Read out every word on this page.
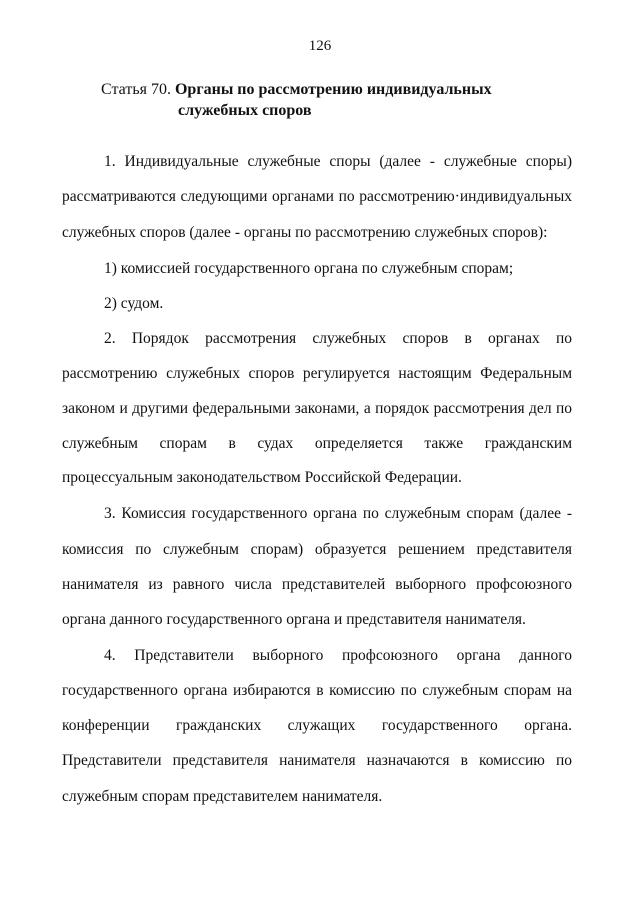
126
Статья 70. Органы по рассмотрению индивидуальных
служебных споров
1. Индивидуальные служебные споры (далее - служебные споры)
рассматриваются следующими органами по рассмотрению·индивидуальных
служебных споров (далее - органы по рассмотрению служебных споров):
1) комиссией государственного органа по служебным спорам;
2) судом.
2. Порядок рассмотрения служебных споров в органах по
рассмотрению служебных споров регулируется настоящим Федеральным
законом и другими федеральными законами, а порядок рассмотрения дел по
служебным спорам в судах определяется также гражданским
процессуальным законодательством Российской Федерации.
3. Комиссия государственного органа по служебным спорам (далее -
комиссия по служебным спорам) образуется решением представителя
нанимателя из равного числа представителей выборного профсоюзного
органа данного государственного органа и представителя нанимателя.
4. Представители выборного профсоюзного органа данного
государственного органа избираются в комиссию по служебным спорам на
конференции гражданских служащих государственного органа.
Представители представителя нанимателя назначаются в комиссию по
служебным спорам представителем нанимателя.
